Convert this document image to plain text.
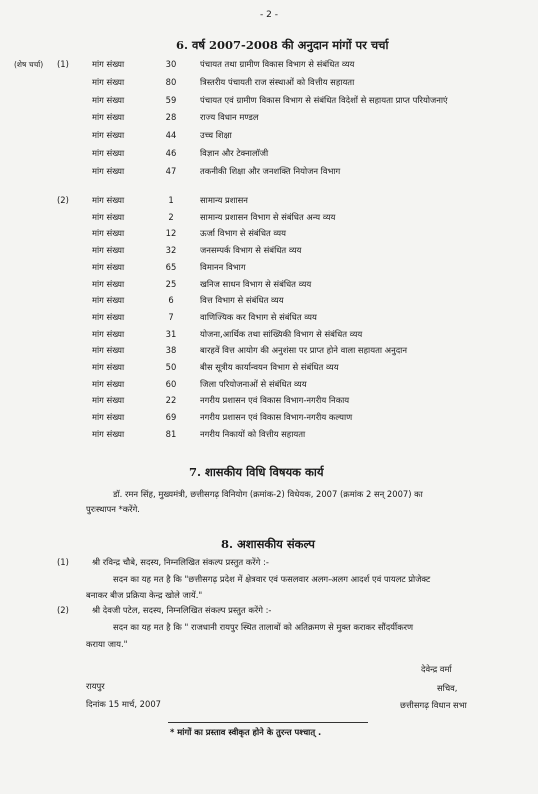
- 2 -
6. वर्ष 2007-2008 की अनुदान मांगों पर चर्चा
(शेष चर्चा) (1)	मांग संख्या	30	पंचायत तथा ग्रामीण विकास विभाग से संबंधित व्यय
मांग संख्या	80	त्रिस्तरीय पंचायती राज संस्थाओं को वित्तीय सहायता
मांग संख्या	59	पंचायत एवं ग्रामीण विकास विभाग से संबंधित विदेशों से सहायता प्राप्त परियोजनाएं
मांग संख्या	28	राज्य विधान मण्डल
मांग संख्या	44	उच्च शिक्षा
मांग संख्या	46	विज्ञान और टेक्नालॉजी
मांग संख्या	47	तकनीकी शिक्षा और जनशक्ति नियोजन विभाग
(2)	मांग संख्या	1	सामान्य प्रशासन
मांग संख्या	2	सामान्य प्रशासन विभाग से संबंधित अन्य व्यय
मांग संख्या	12	ऊर्जा विभाग से संबंधित व्यय
मांग संख्या	32	जनसम्पर्क विभाग से संबंधित व्यय
मांग संख्या	65	विमानन विभाग
मांग संख्या	25	खनिज साधन विभाग से संबंधित व्यय
मांग संख्या	6	वित्त विभाग से संबंधित व्यय
मांग संख्या	7	वाणिज्यिक कर विभाग से संबंधित व्यय
मांग संख्या	31	योजना,आर्थिक तथा सांख्यिकी विभाग से संबंधित व्यय
मांग संख्या	38	बारहवें वित्त आयोग की अनुशंसा पर प्राप्त होने वाला सहायता अनुदान
मांग संख्या	50	बीस सूत्रीय कार्यान्वयन विभाग से संबंधित व्यय
मांग संख्या	60	जिला परियोजनाओं से संबंधित व्यय
मांग संख्या	22	नगरीय प्रशासन एवं विकास विभाग-नगरीय निकाय
मांग संख्या	69	नगरीय प्रशासन एवं विकास विभाग-नगरीय कल्याण
मांग संख्या	81	नगरीय निकायों को वित्तीय सहायता
7. शासकीय विधि विषयक कार्य
डॉ. रमन सिंह, मुख्यमंत्री, छत्तीसगढ़ विनियोग (क्रमांक-2) विधेयक, 2007 (क्रमांक 2 सन् 2007) का
पुरःस्थापन *करेंगे.
8. अशासकीय संकल्प
(1)	श्री रविन्द्र चौबे, सदस्य, निम्नलिखित संकल्प प्रस्तुत करेंगे :-
सदन का यह मत है कि "छत्तीसगढ़ प्रदेश में क्षेत्रवार एवं फसलवार अलग-अलग आदर्श एवं पायलट प्रोजेक्ट
बनाकर बीज प्रक्रिया केन्द्र खोले जायें."
(2)	श्री देवजी पटेल, सदस्य, निम्नलिखित संकल्प प्रस्तुत करेंगे :-
सदन का यह मत है कि " राजधानी रायपुर स्थित तालाबों को अतिक्रमण से मुक्त कराकर सौंदर्यीकरण
कराया जाय."
रायपुर
दिनांक 15 मार्च, 2007
देवेन्द्र वर्मा
सचिव,
छत्तीसगढ़ विधान सभा
* मांगों का प्रस्ताव स्वीकृत होने के तुरन्त पश्चात् .
